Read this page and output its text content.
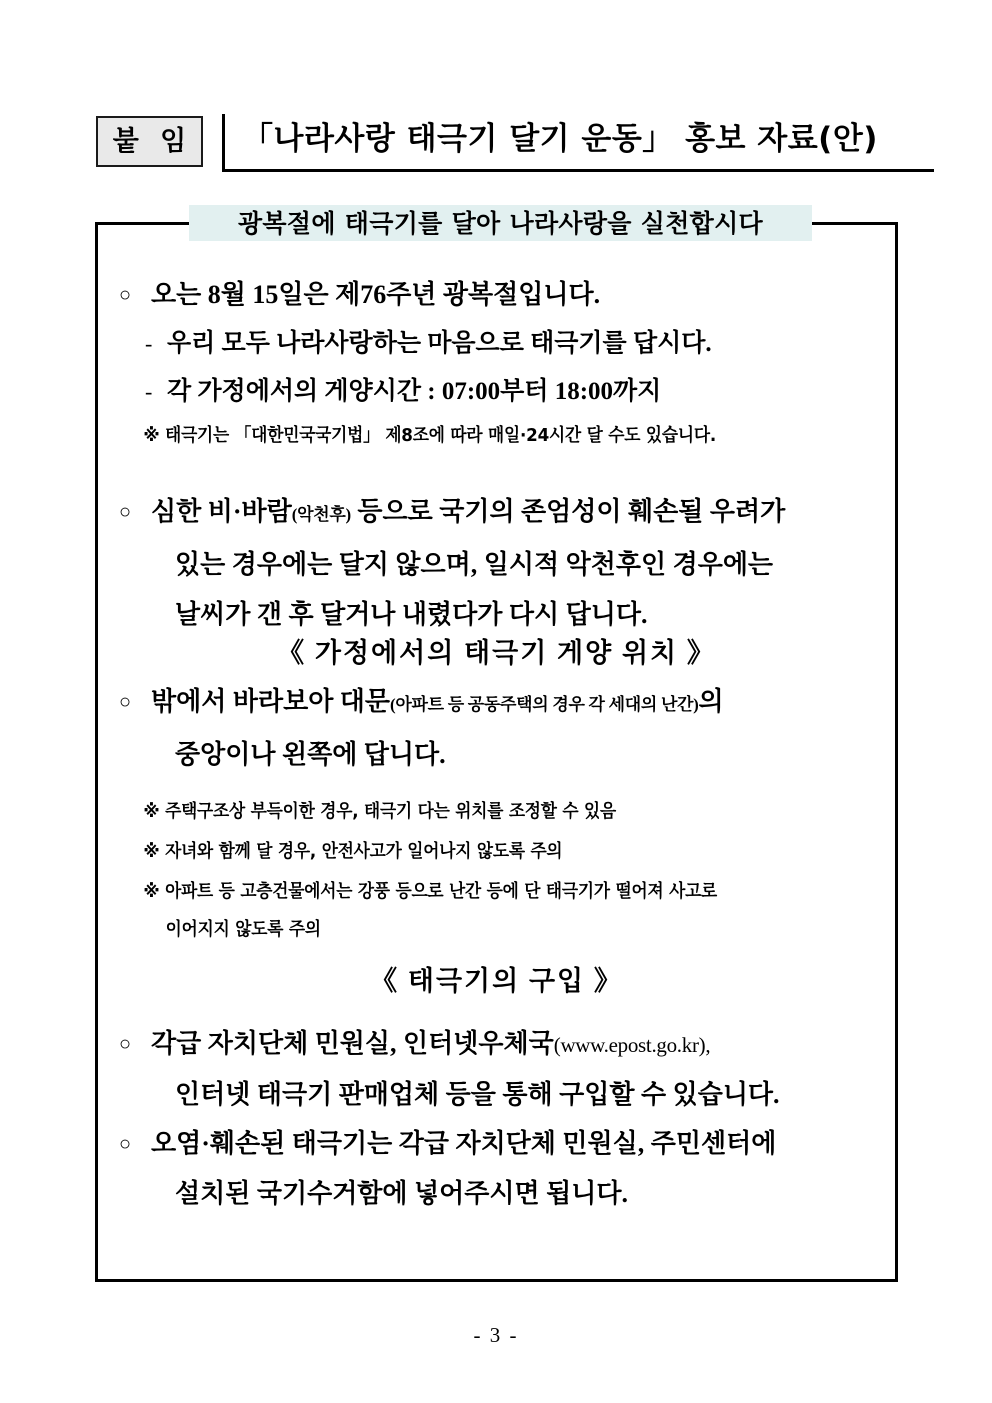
붙 임	「나라사랑 태극기 달기 운동」 홍보 자료(안)
광복절에 태극기를 달아 나라사랑을 실천합시다
○ 오는 8월 15일은 제76주년 광복절입니다.
- 우리 모두 나라사랑하는 마음으로 태극기를 답시다.
- 각 가정에서의 게양시간 : 07:00부터 18:00까지
※ 태극기는 「대한민국국기법」 제8조에 따라 매일·24시간 달 수도 있습니다.
○ 심한 비·바람(악천후) 등으로 국기의 존엄성이 훼손될 우려가
있는 경우에는 달지 않으며, 일시적 악천후인 경우에는
날씨가 갠 후 달거나 내렸다가 다시 답니다.
《 가정에서의 태극기 게양 위치 》
○ 밖에서 바라보아 대문(아파트 등 공동주택의 경우 각 세대의 난간)의
중앙이나 왼쪽에 답니다.
※ 주택구조상 부득이한 경우, 태극기 다는 위치를 조정할 수 있음
※ 자녀와 함께 달 경우, 안전사고가 일어나지 않도록 주의
※ 아파트 등 고층건물에서는 강풍 등으로 난간 등에 단 태극기가 떨어져 사고로
이어지지 않도록 주의
《 태극기의 구입 》
○ 각급 자치단체 민원실, 인터넷우체국(www.epost.go.kr),
인터넷 태극기 판매업체 등을 통해 구입할 수 있습니다.
○ 오염·훼손된 태극기는 각급 자치단체 민원실, 주민센터에
설치된 국기수거함에 넣어주시면 됩니다.
- 3 -
